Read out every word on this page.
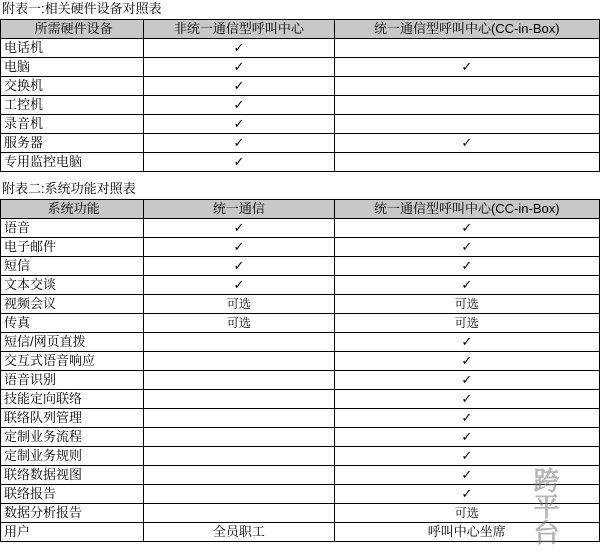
附表一:相关硬件设备对照表
所需硬件设备	非统一通信型呼叫中心	统一通信型呼叫中心(CC-in-Box)
电话机	✓	
电脑	✓	✓
交换机	✓	
工控机	✓	
录音机	✓	
服务器	✓	✓
专用监控电脑	✓	
附表二:系统功能对照表
系统功能	统一通信	统一通信型呼叫中心(CC-in-Box)
语音	✓	✓
电子邮件	✓	✓
短信	✓	✓
文本交谈	✓	✓
视频会议	可选	可选
传真	可选	可选
短信/网页直拨		✓
交互式语音响应		✓
语音识别		✓
技能定向联络		✓
联络队列管理		✓
定制业务流程		✓
定制业务规则		✓
联络数据视图		✓
联络报告		✓
数据分析报告		可选
用户	全员职工	呼叫中心坐席 跨平台
